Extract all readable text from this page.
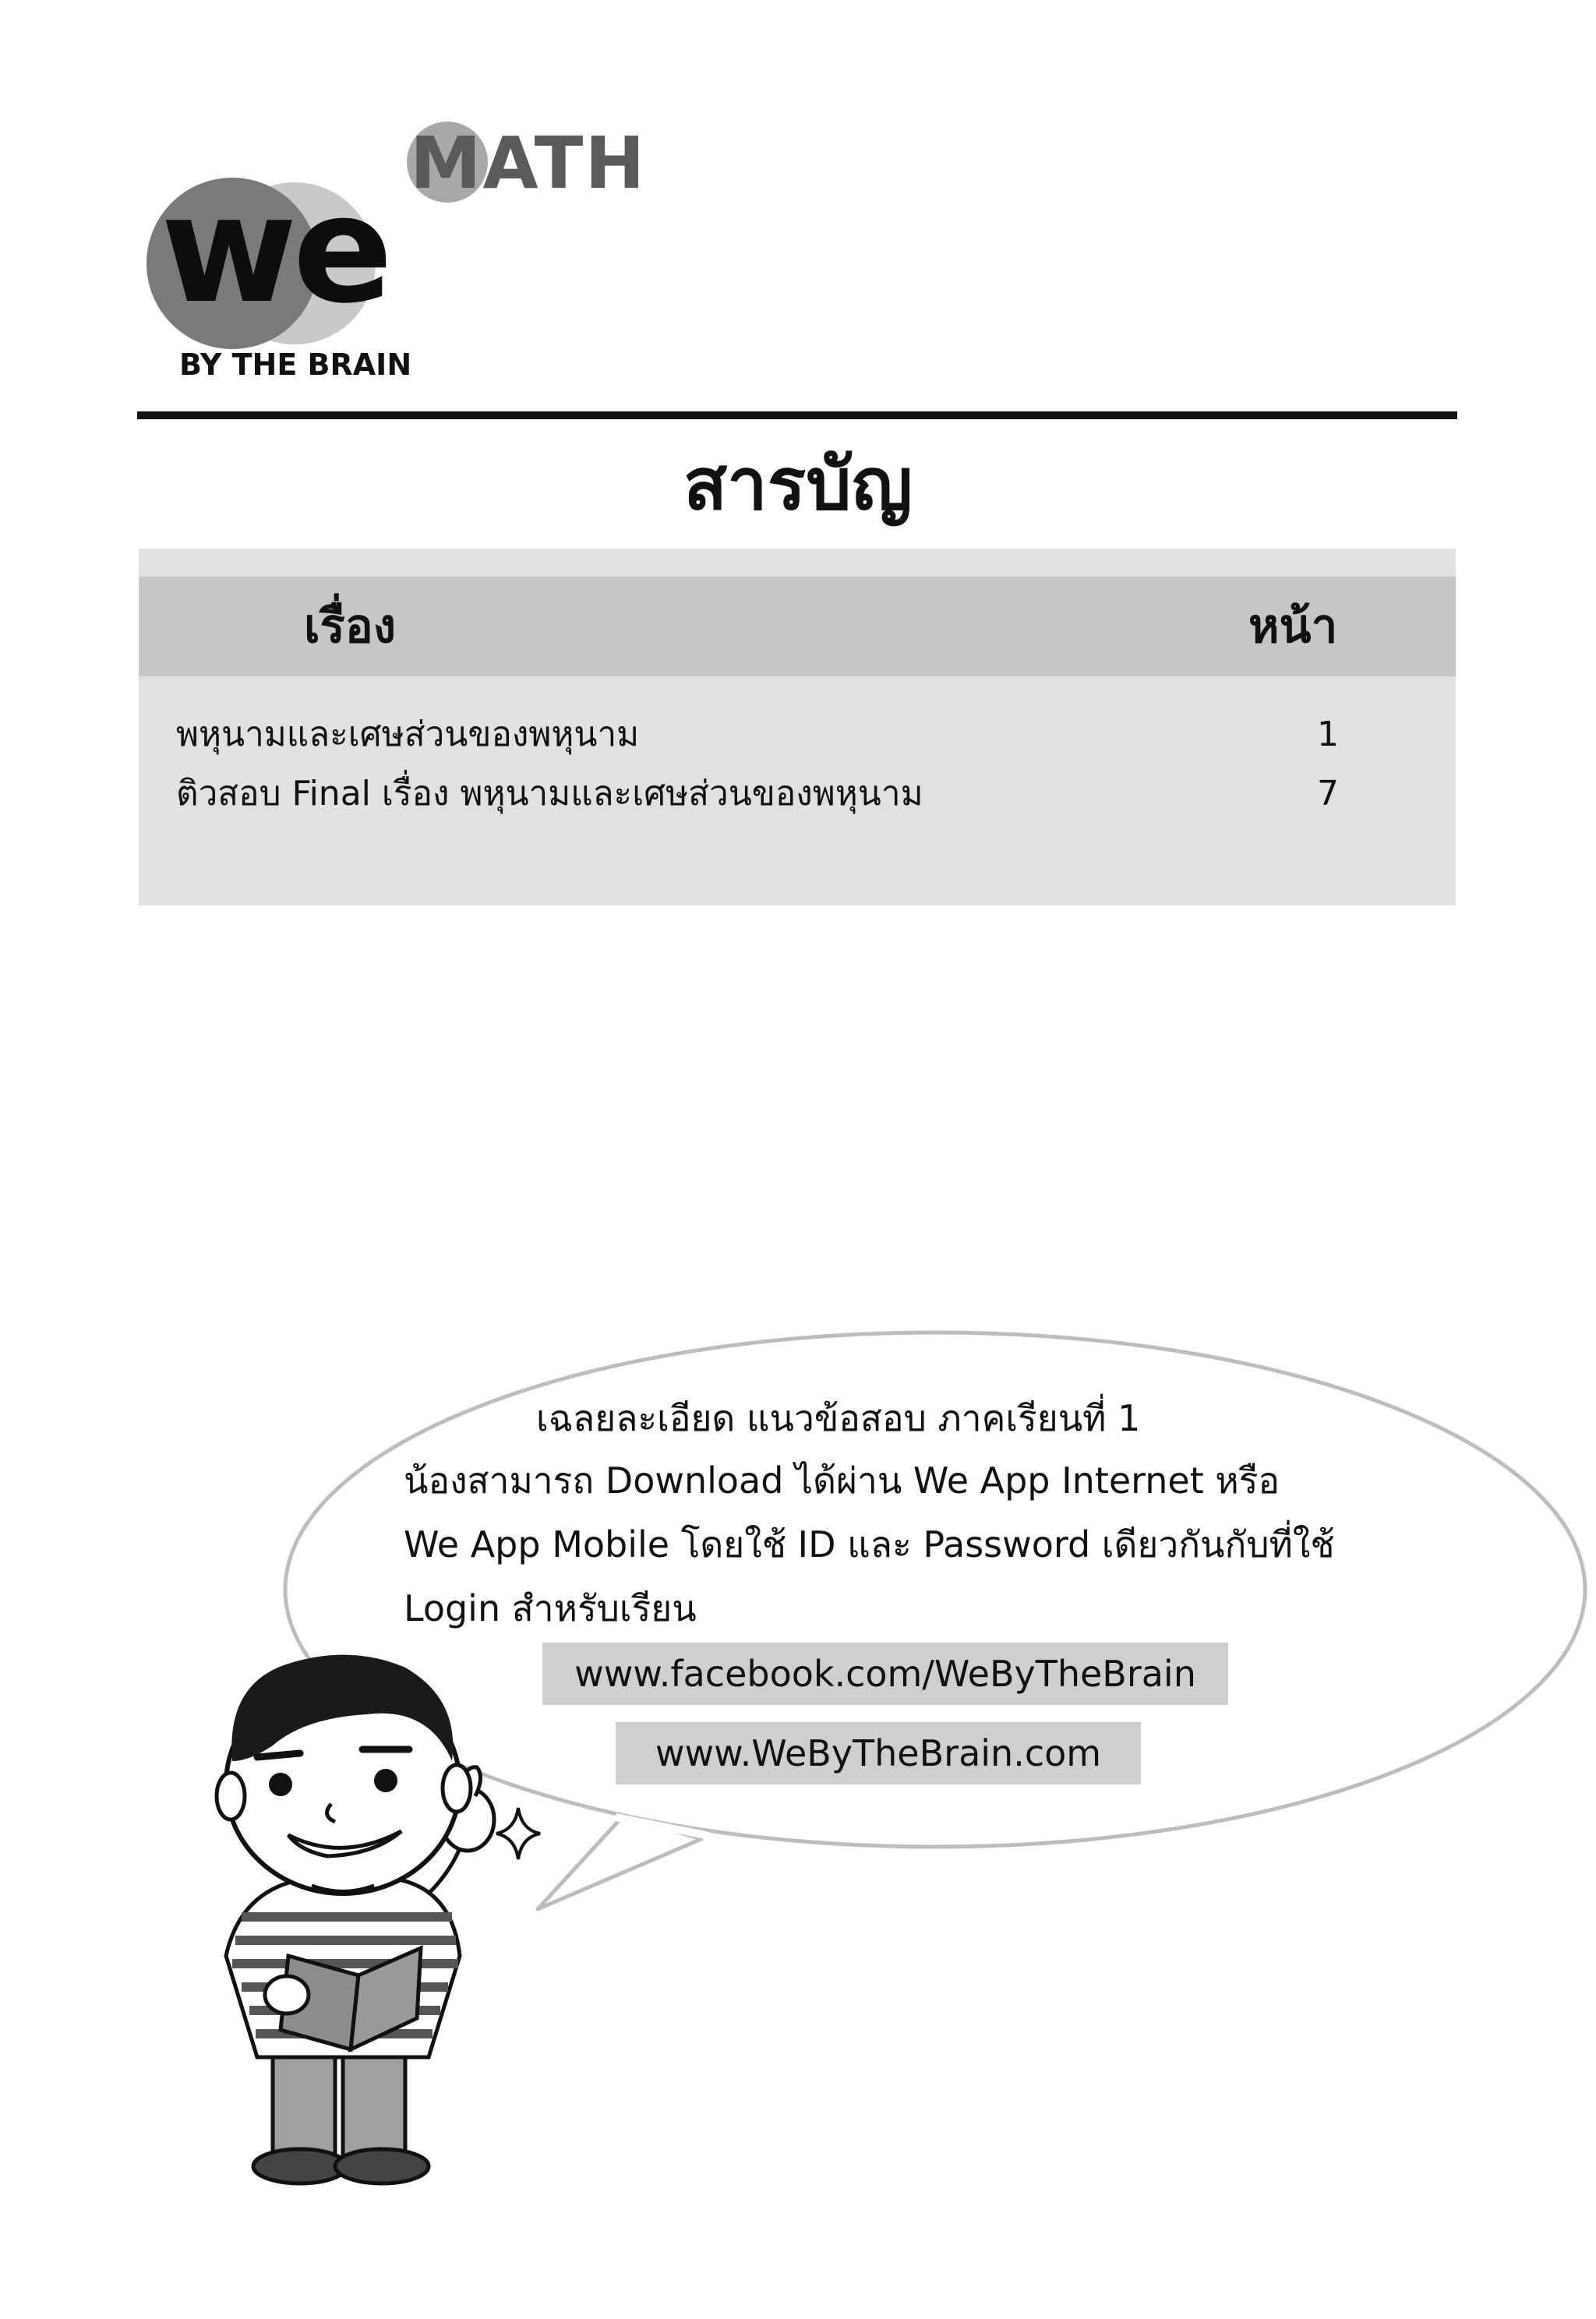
we
MATH
BY THE BRAIN
สารบัญ
เรื่อง	หน้า
พหุนามและเศษส่วนของพหุนาม	1
ติวสอบ Final เรื่อง พหุนามและเศษส่วนของพหุนาม	7
เฉลยละเอียด แนวข้อสอบ ภาคเรียนที่ 1
น้องสามารถ Download ได้ผ่าน We App Internet หรือ
We App Mobile โดยใช้ ID และ Password เดียวกันกับที่ใช้
Login สำหรับเรียน
www.facebook.com/WeByTheBrain
www.WeByTheBrain.com
